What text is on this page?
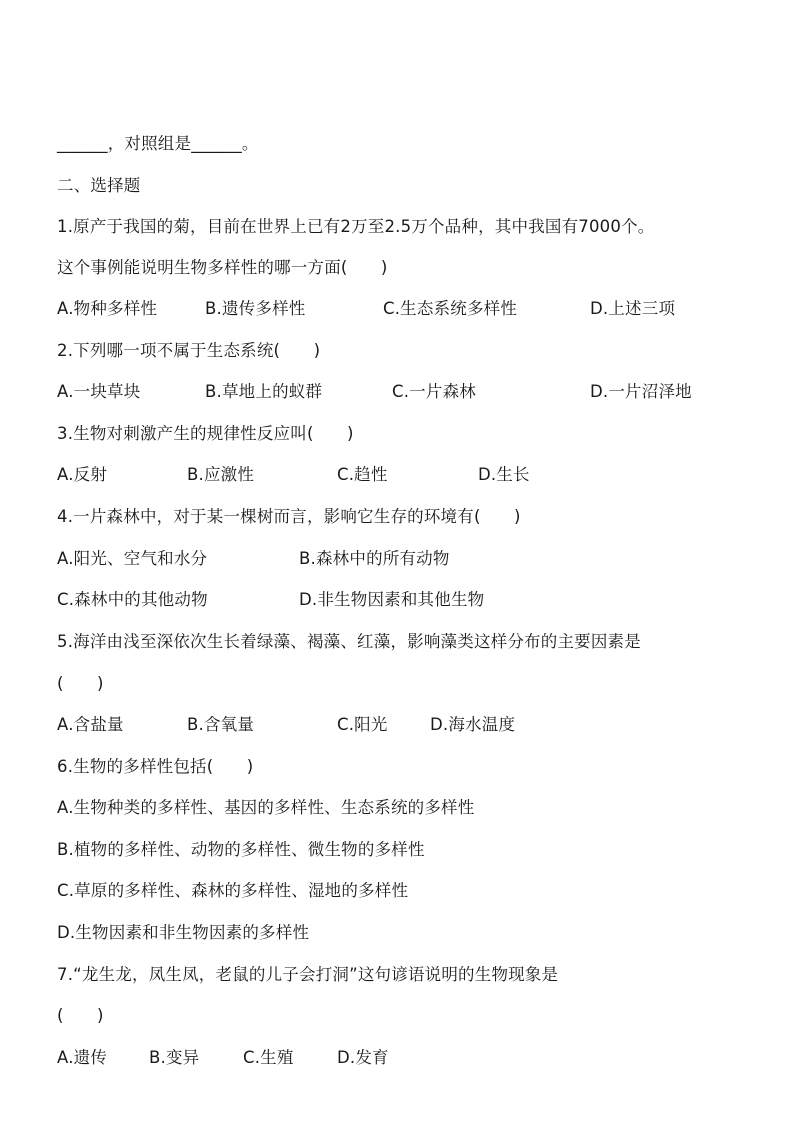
______，对照组是______。
二、选择题
1.原产于我国的菊，目前在世界上已有2万至2.5万个品种，其中我国有7000个。
这个事例能说明生物多样性的哪一方面(　　)
A.物种多样性	B.遗传多样性	C.生态系统多样性	D.上述三项
2.下列哪一项不属于生态系统(　　)
A.一块草块	B.草地上的蚁群	C.一片森林	D.一片沼泽地
3.生物对刺激产生的规律性反应叫(　　)
A.反射	B.应激性	C.趋性	D.生长
4.一片森林中，对于某一棵树而言，影响它生存的环境有(　　)
A.阳光、空气和水分	B.森林中的所有动物
C.森林中的其他动物	D.非生物因素和其他生物
5.海洋由浅至深依次生长着绿藻、褐藻、红藻，影响藻类这样分布的主要因素是
(　　)
A.含盐量	B.含氧量	C.阳光	D.海水温度
6.生物的多样性包括(　　)
A.生物种类的多样性、基因的多样性、生态系统的多样性
B.植物的多样性、动物的多样性、微生物的多样性
C.草原的多样性、森林的多样性、湿地的多样性
D.生物因素和非生物因素的多样性
7.“龙生龙，凤生凤，老鼠的儿子会打洞”这句谚语说明的生物现象是
(　　)
A.遗传	B.变异	C.生殖	D.发育
